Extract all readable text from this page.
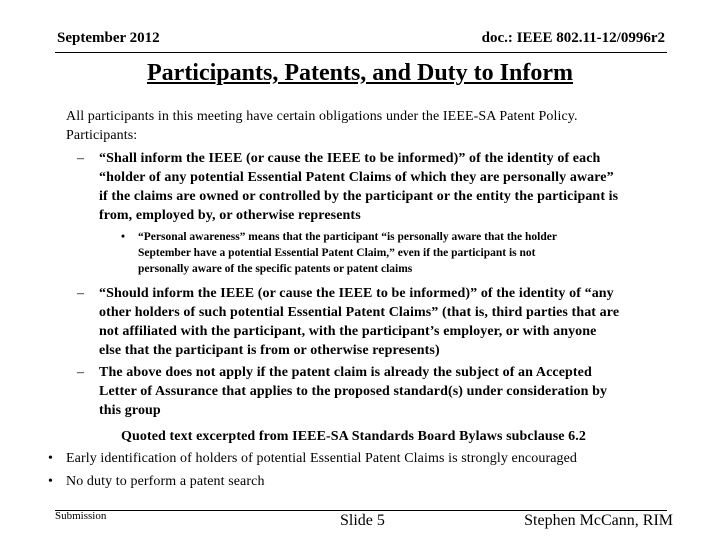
September 2012	doc.: IEEE 802.11-12/0996r2
Participants, Patents, and Duty to Inform
All participants in this meeting have certain obligations under the IEEE-SA Patent Policy.
Participants:
– “Shall inform the IEEE (or cause the IEEE to be informed)” of the identity of each
“holder of any potential Essential Patent Claims of which they are personally aware”
if the claims are owned or controlled by the participant or the entity the participant is
from, employed by, or otherwise represents
• “Personal awareness” means that the participant “is personally aware that the holder
September have a potential Essential Patent Claim,” even if the participant is not
personally aware of the specific patents or patent claims
– “Should inform the IEEE (or cause the IEEE to be informed)” of the identity of “any
other holders of such potential Essential Patent Claims” (that is, third parties that are
not affiliated with the participant, with the participant’s employer, or with anyone
else that the participant is from or otherwise represents)
– The above does not apply if the patent claim is already the subject of an Accepted
Letter of Assurance that applies to the proposed standard(s) under consideration by
this group
Quoted text excerpted from IEEE-SA Standards Board Bylaws subclause 6.2
• Early identification of holders of potential Essential Patent Claims is strongly encouraged
• No duty to perform a patent search
Submission	Slide 5	Stephen McCann, RIM
